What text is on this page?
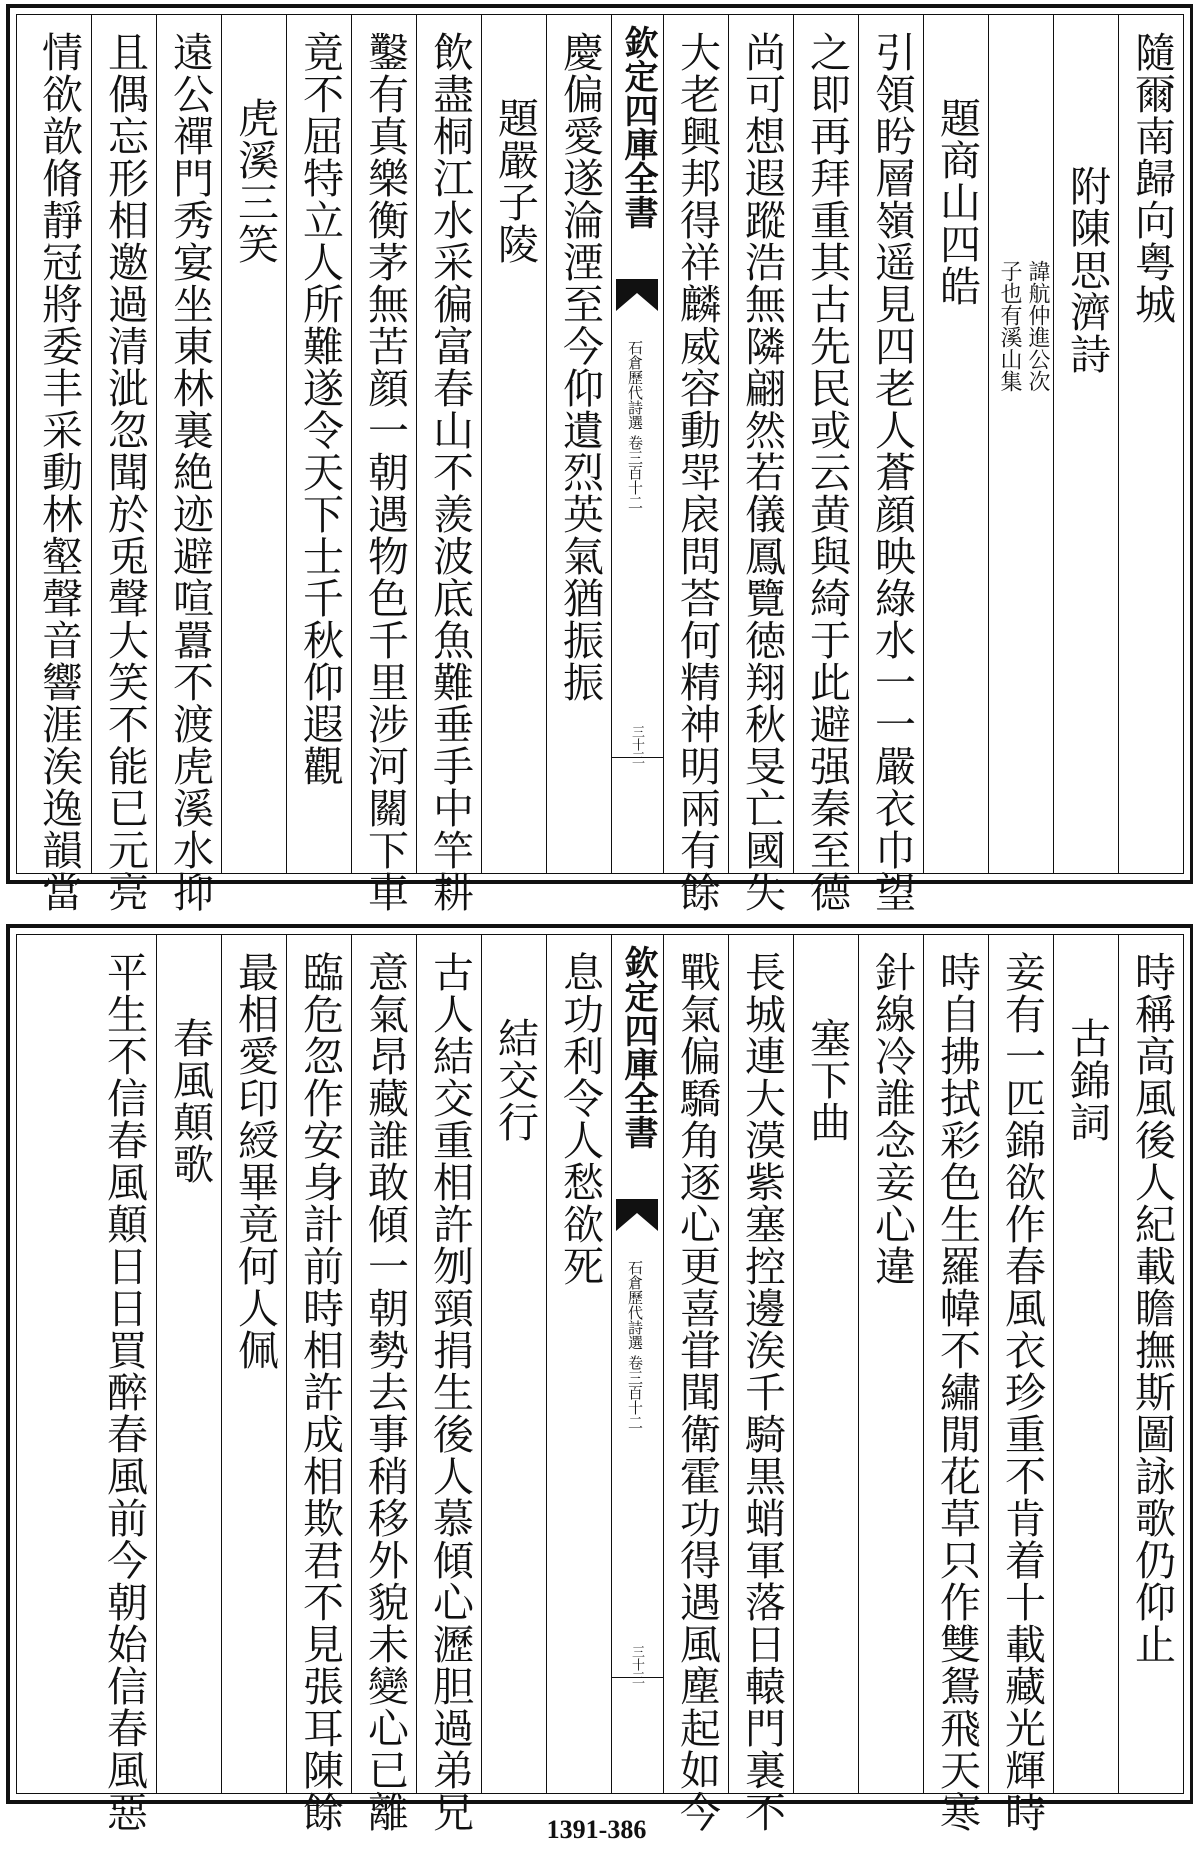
隨爾南歸向粤城
附陳思濟詩
諱航仲進公次
子也有溪山集
題商山四皓
引領盻層嶺遥見四老人蒼顔映綠水一一嚴衣巾望
之即再拜重其古先民或云黄與綺于此避强秦至德
尚可想遐蹤浩無隣翩然若儀鳳覽徳翔秋旻亡國失
大老興邦得祥麟威容動斝扆問荅何精神明兩有餘
欽定四庫全書
石倉歷代詩選
卷三百十二
三十三
慶偏愛遂淪湮至今仰遺烈英氣猶振振
題嚴子陵
飲盡桐江水采徧富春山不羨波底魚難垂手中竿耕
鑿有真樂衡茅無苦顔一朝遇物色千里涉河關下車
竟不屈特立人所難遂令天下士千秋仰遐觀
虎溪三笑
遠公禪門秀宴坐東林裏絶迹避喧囂不渡虎溪水抑
且偶忘形相邀過清泚忽聞於兎聲大笑不能已元亮
情欲歆脩靜冠將委丰采動林壑聲音響涯涘逸韻當
時稱高風後人紀載瞻撫斯圖詠歌仍仰止
古錦詞
妾有一匹錦欲作春風衣珍重不肯着十載藏光輝時
時自拂拭彩色生羅幃不繡閒花草只作雙鴛飛天寒
針線冷誰念妾心違
塞下曲
長城連大漠紫塞控邊涘千騎黒蛸軍落日轅門裏不
戰氣偏驕角逐心更喜甞聞衛霍功得遇風塵起如今
欽定四庫全書
石倉歷代詩選
卷三百十二
三十三
息功利令人愁欲死
結交行
古人結交重相許刎頸捐生後人慕傾心瀝胆過弟兄
意氣昂藏誰敢傾一朝勢去事稍移外貌未變心已離
臨危忽作安身計前時相許成相欺君不見張耳陳餘
最相愛印綬畢竟何人佩
春風顛歌
平生不信春風顛日日買醉春風前今朝始信春風惡	1391-386
